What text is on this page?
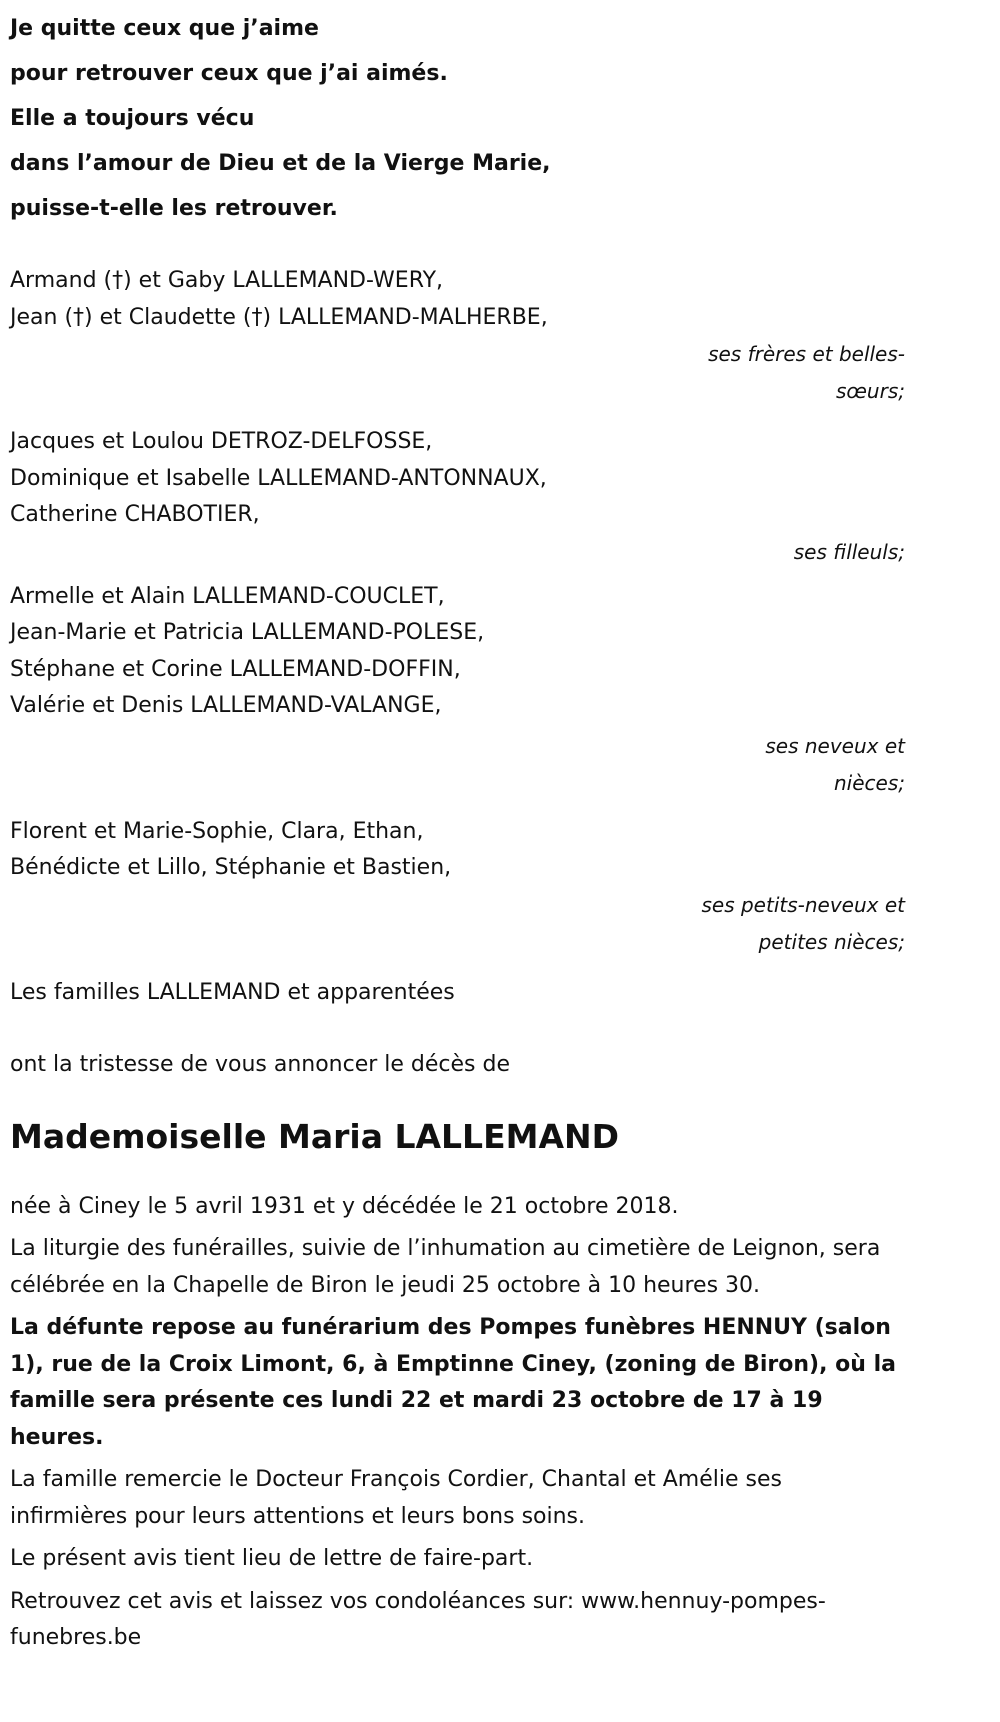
Je quitte ceux que j’aime
pour retrouver ceux que j’ai aimés.
Elle a toujours vécu
dans l’amour de Dieu et de la Vierge Marie,
puisse-t-elle les retrouver.
Armand (†) et Gaby LALLEMAND-WERY,
Jean (†) et Claudette (†) LALLEMAND-MALHERBE,
ses frères et belles-
sœurs;
Jacques et Loulou DETROZ-DELFOSSE,
Dominique et Isabelle LALLEMAND-ANTONNAUX,
Catherine CHABOTIER,
ses filleuls;
Armelle et Alain LALLEMAND-COUCLET,
Jean-Marie et Patricia LALLEMAND-POLESE,
Stéphane et Corine LALLEMAND-DOFFIN,
Valérie et Denis LALLEMAND-VALANGE,
ses neveux et
nièces;
Florent et Marie-Sophie, Clara, Ethan,
Bénédicte et Lillo, Stéphanie et Bastien,
ses petits-neveux et
petites nièces;
Les familles LALLEMAND et apparentées
ont la tristesse de vous annoncer le décès de
Mademoiselle Maria LALLEMAND

née à Ciney le 5 avril 1931 et y décédée le 21 octobre 2018.

La liturgie des funérailles, suivie de l’inhumation au cimetière de Leignon, sera célébrée en la Chapelle de Biron le jeudi 25 octobre à 10 heures 30.

La défunte repose au funérarium des Pompes funèbres HENNUY (salon 1), rue de la Croix Limont, 6, à Emptinne Ciney, (zoning de Biron), où la famille sera présente ces lundi 22 et mardi 23 octobre de 17 à 19 heures.

La famille remercie le Docteur François Cordier, Chantal et Amélie ses infirmières pour leurs attentions et leurs bons soins.

Le présent avis tient lieu de lettre de faire-part.

Retrouvez cet avis et laissez vos condoléances sur: www.hennuy-pompes-funebres.be
